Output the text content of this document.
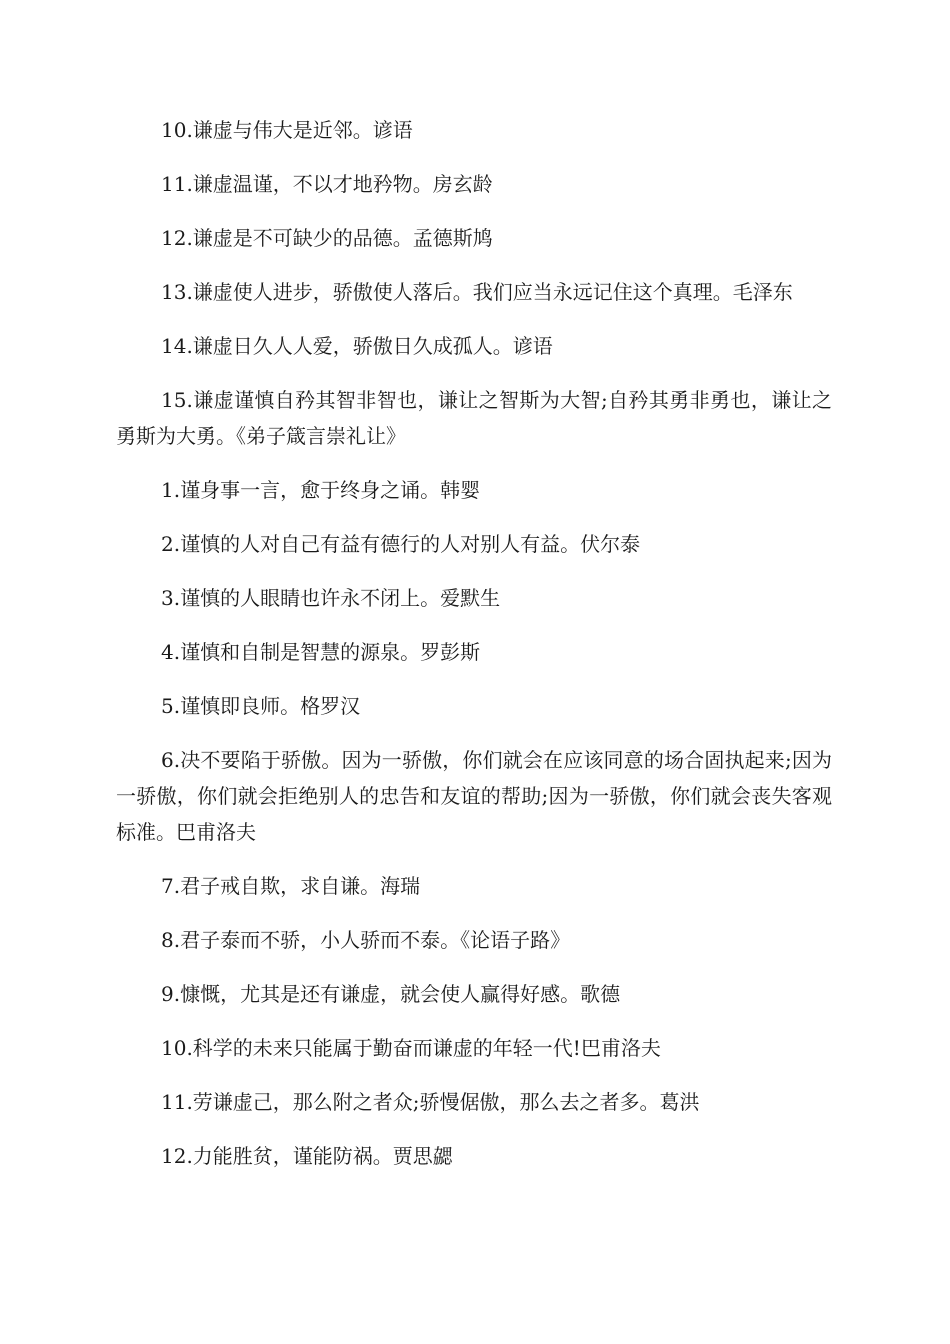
10.谦虚与伟大是近邻。谚语

11.谦虚温谨，不以才地矜物。房玄龄

12.谦虚是不可缺少的品德。孟德斯鸠

13.谦虚使人进步，骄傲使人落后。我们应当永远记住这个真理。毛泽东

14.谦虚日久人人爱，骄傲日久成孤人。谚语

15.谦虚谨慎自矜其智非智也，谦让之智斯为大智;自矜其勇非勇也，谦让之勇斯为大勇。《弟子箴言崇礼让》

1.谨身事一言，愈于终身之诵。韩婴

2.谨慎的人对自己有益有德行的人对别人有益。伏尔泰

3.谨慎的人眼睛也许永不闭上。爱默生

4.谨慎和自制是智慧的源泉。罗彭斯

5.谨慎即良师。格罗汉

6.决不要陷于骄傲。因为一骄傲，你们就会在应该同意的场合固执起来;因为一骄傲，你们就会拒绝别人的忠告和友谊的帮助;因为一骄傲，你们就会丧失客观标准。巴甫洛夫

7.君子戒自欺，求自谦。海瑞

8.君子泰而不骄，小人骄而不泰。《论语子路》

9.慷慨，尤其是还有谦虚，就会使人赢得好感。歌德

10.科学的未来只能属于勤奋而谦虚的年轻一代!巴甫洛夫

11.劳谦虚己，那么附之者众;骄慢倨傲，那么去之者多。葛洪

12.力能胜贫，谨能防祸。贾思勰
